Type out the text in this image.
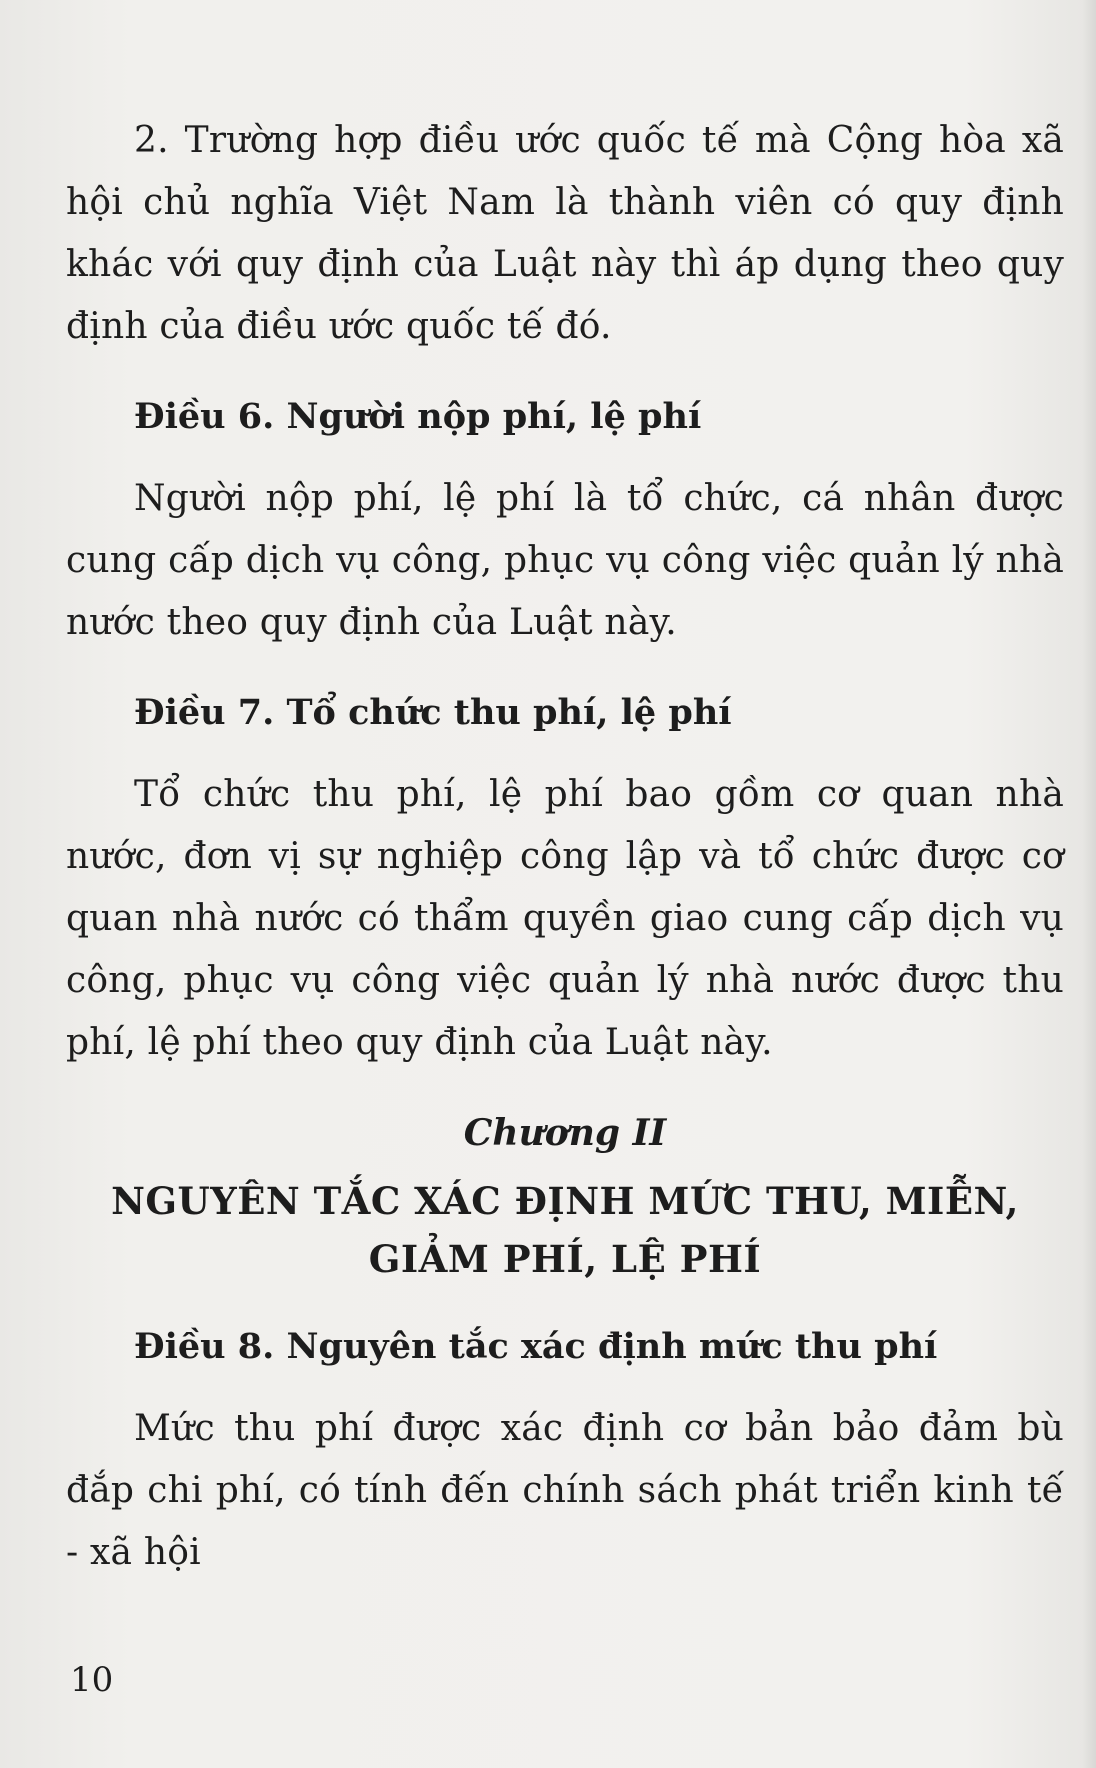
2. Trường hợp điều ước quốc tế mà Cộng hòa xã hội chủ nghĩa Việt Nam là thành viên có quy định khác với quy định của Luật này thì áp dụng theo quy định của điều ước quốc tế đó.

Điều 6. Người nộp phí, lệ phí

Người nộp phí, lệ phí là tổ chức, cá nhân được cung cấp dịch vụ công, phục vụ công việc quản lý nhà nước theo quy định của Luật này.

Điều 7. Tổ chức thu phí, lệ phí

Tổ chức thu phí, lệ phí bao gồm cơ quan nhà nước, đơn vị sự nghiệp công lập và tổ chức được cơ quan nhà nước có thẩm quyền giao cung cấp dịch vụ công, phục vụ công việc quản lý nhà nước được thu phí, lệ phí theo quy định của Luật này.

Chương II

NGUYÊN TẮC XÁC ĐỊNH MỨC THU, MIỄN,

GIẢM PHÍ, LỆ PHÍ

Điều 8. Nguyên tắc xác định mức thu phí

Mức thu phí được xác định cơ bản bảo đảm bù đắp chi phí, có tính đến chính sách phát triển kinh tế - xã hội

10
